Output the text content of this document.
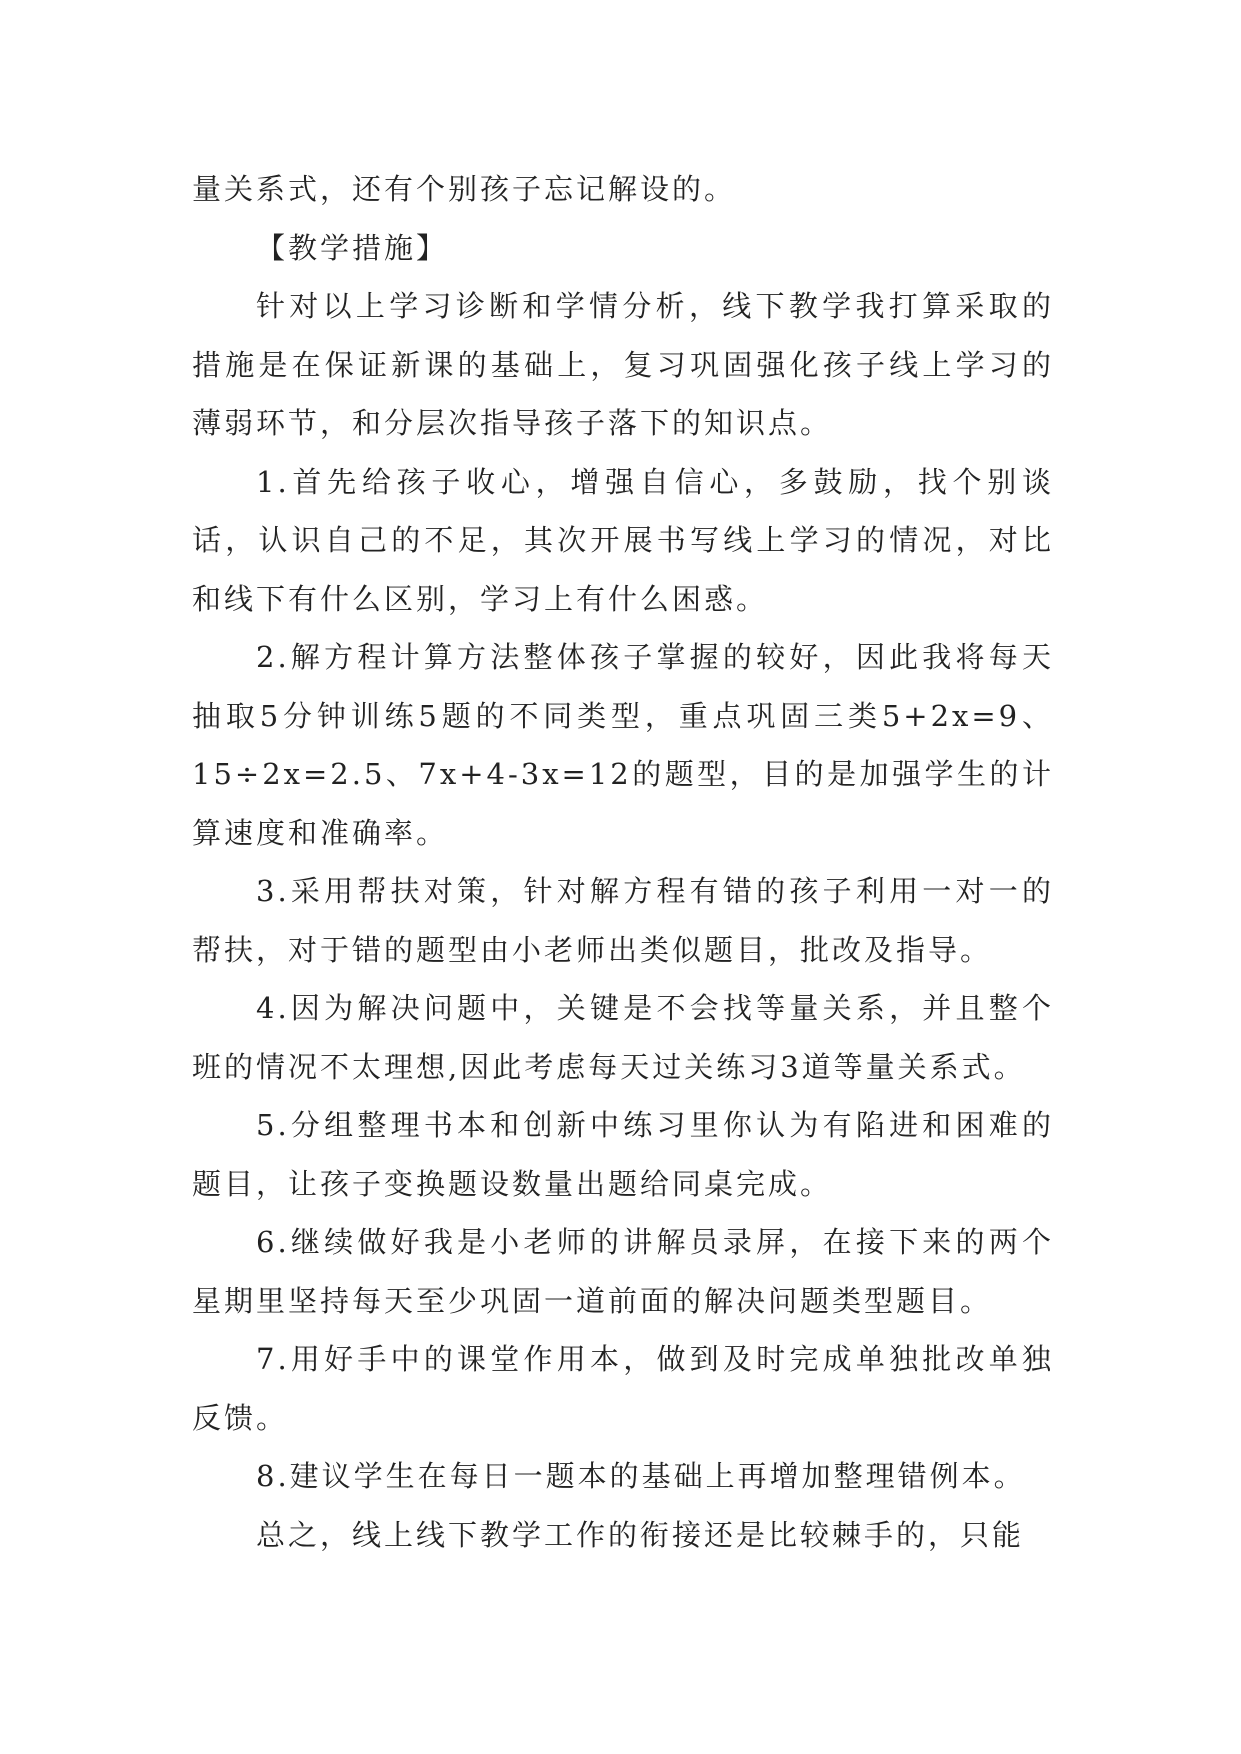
量关系式，还有个别孩子忘记解设的。

【教学措施】

针对以上学习诊断和学情分析，线下教学我打算采取的措施是在保证新课的基础上，复习巩固强化孩子线上学习的薄弱环节，和分层次指导孩子落下的知识点。

1.首先给孩子收心，增强自信心，多鼓励，找个别谈话，认识自己的不足，其次开展书写线上学习的情况，对比和线下有什么区别，学习上有什么困惑。

2.解方程计算方法整体孩子掌握的较好，因此我将每天抽取5分钟训练5题的不同类型，重点巩固三类5+2x=9、15÷2x=2.5、7x+4-3x=12的题型，目的是加强学生的计算速度和准确率。

3.采用帮扶对策，针对解方程有错的孩子利用一对一的帮扶，对于错的题型由小老师出类似题目，批改及指导。

4.因为解决问题中，关键是不会找等量关系，并且整个班的情况不太理想,因此考虑每天过关练习3道等量关系式。

5.分组整理书本和创新中练习里你认为有陷进和困难的题目，让孩子变换题设数量出题给同桌完成。

6.继续做好我是小老师的讲解员录屏，在接下来的两个星期里坚持每天至少巩固一道前面的解决问题类型题目。

7.用好手中的课堂作用本，做到及时完成单独批改单独反馈。

8.建议学生在每日一题本的基础上再增加整理错例本。

总之，线上线下教学工作的衔接还是比较棘手的，只能
